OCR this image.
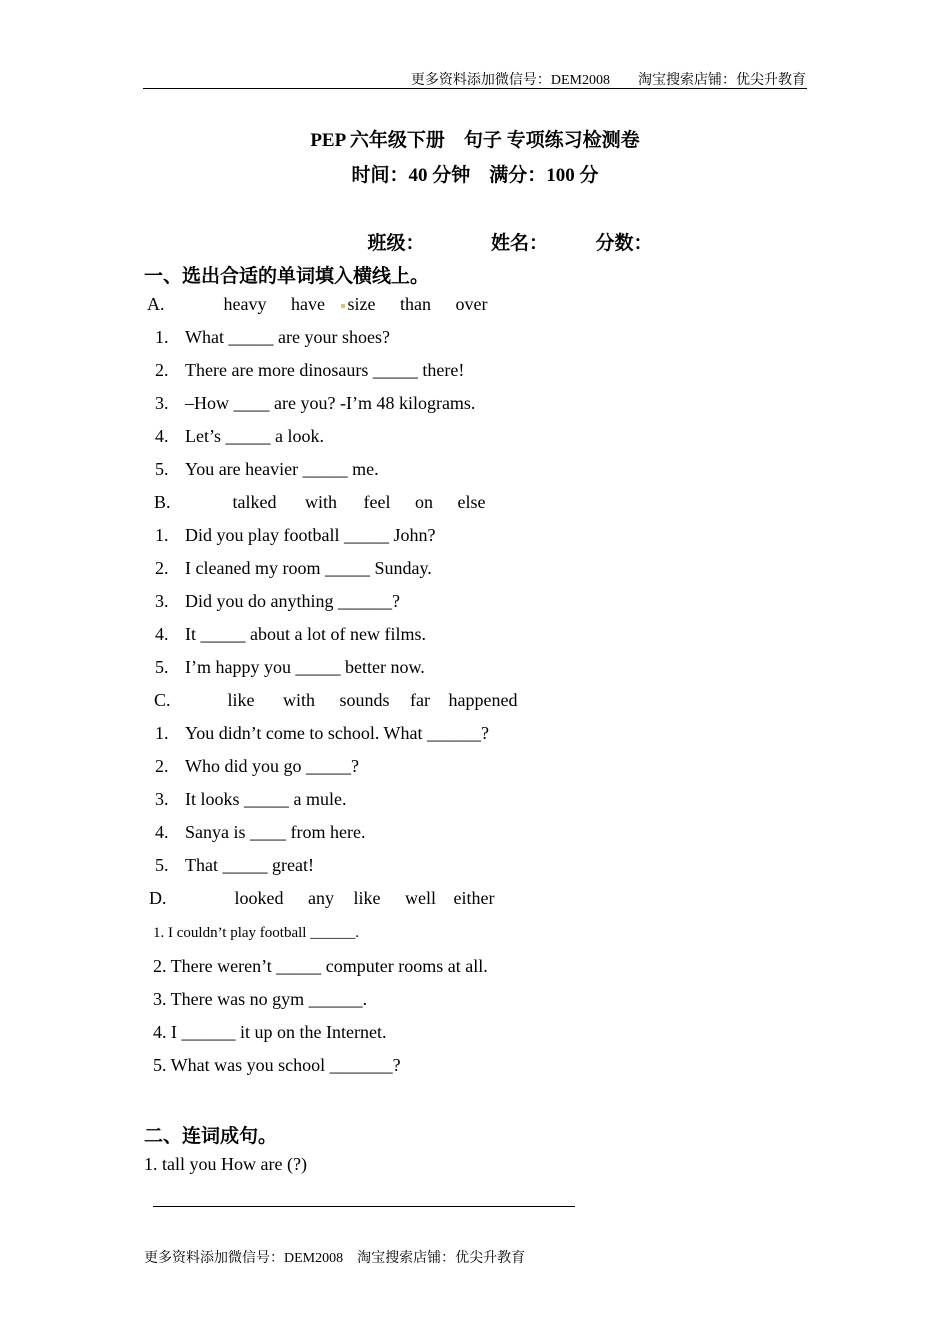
更多资料添加微信号：DEM2008　　淘宝搜索店铺：优尖升教育
PEP 六年级下册　句子 专项练习检测卷
时间：40 分钟　满分：100 分
班级：　　　　姓名：　　　分数：
一、选出合适的单词填入横线上。
A.	heavy have size than over
1. What _____ are your shoes?
2. There are more dinosaurs _____ there!
3. –How ____ are you? -I’m 48 kilograms.
4. Let’s _____ a look.
5. You are heavier _____ me.
B.	talked with feel on else
1. Did you play football _____ John?
2. I cleaned my room _____ Sunday.
3. Did you do anything ______?
4. It _____ about a lot of new films.
5. I’m happy you _____ better now.
C.	like with sounds far happened
1. You didn’t come to school. What ______?
2. Who did you go _____?
3. It looks _____ a mule.
4. Sanya is ____ from here.
5. That _____ great!
D.	looked any like well either
1. I couldn’t play football ______.
2. There weren’t _____ computer rooms at all.
3. There was no gym ______.
4. I ______ it up on the Internet.
5. What was you school _______?
二、连词成句。
1. tall you How are (?)
更多资料添加微信号：DEM2008　淘宝搜索店铺：优尖升教育
